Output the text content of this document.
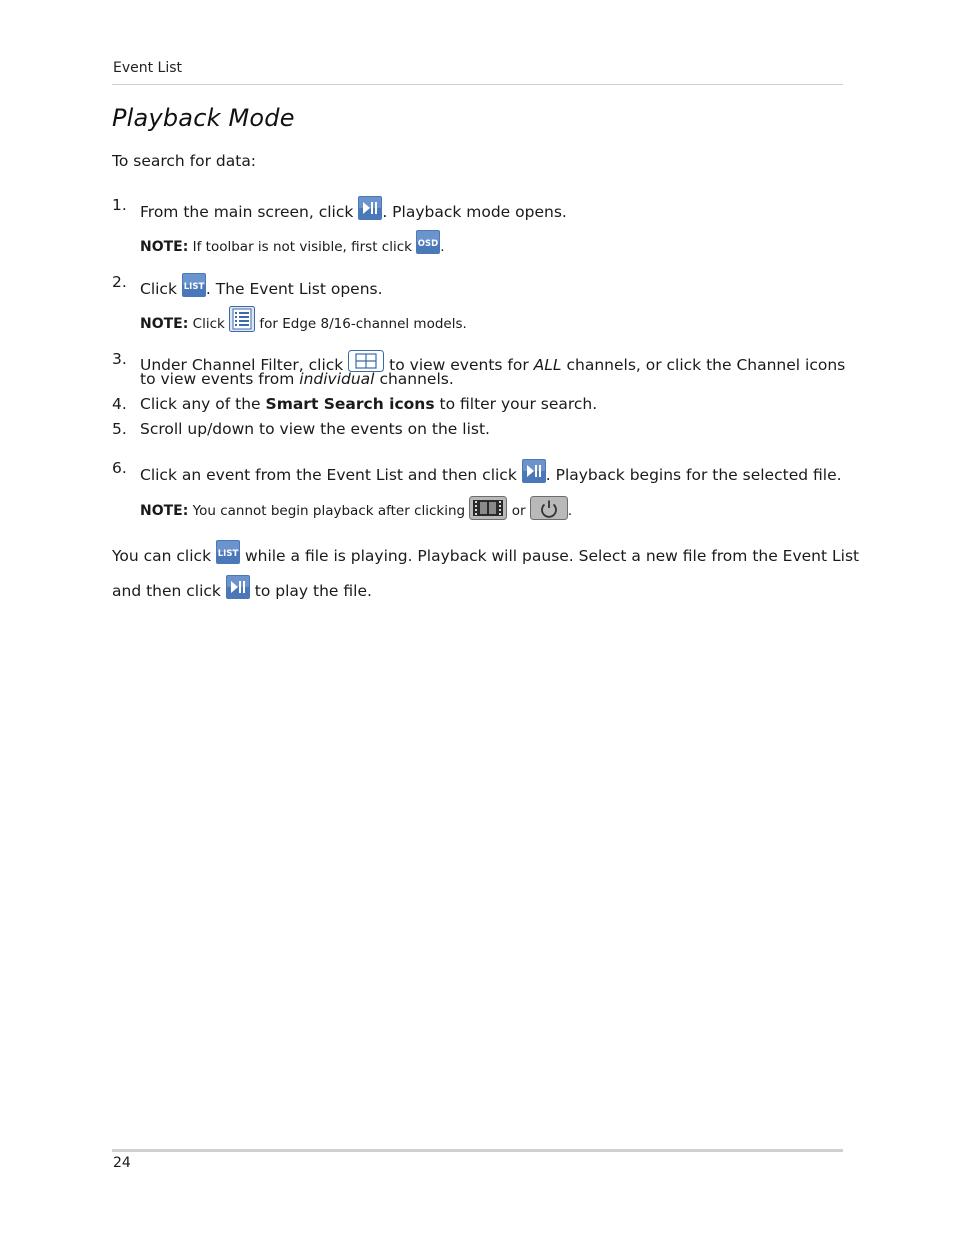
Event List
Playback Mode
To search for data:
1. From the main screen, click . Playback mode opens.
NOTE: If toolbar is not visible, first click OSD .
2. Click LIST . The Event List opens.
NOTE: Click	for Edge 8/16-channel models.
3. Under Channel Filter, click	to view events for ALL channels, or click the Channel icons
to view events from individual channels.
4. Click any of the Smart Search icons to filter your search.
5. Scroll up/down to view the events on the list.
6. Click an event from the Event List and then click . Playback begins for the selected file.
NOTE: You cannot begin playback after clicking	or	.
You can click LIST while a file is playing. Playback will pause. Select a new file from the Event List
and then click to play the file.
24
